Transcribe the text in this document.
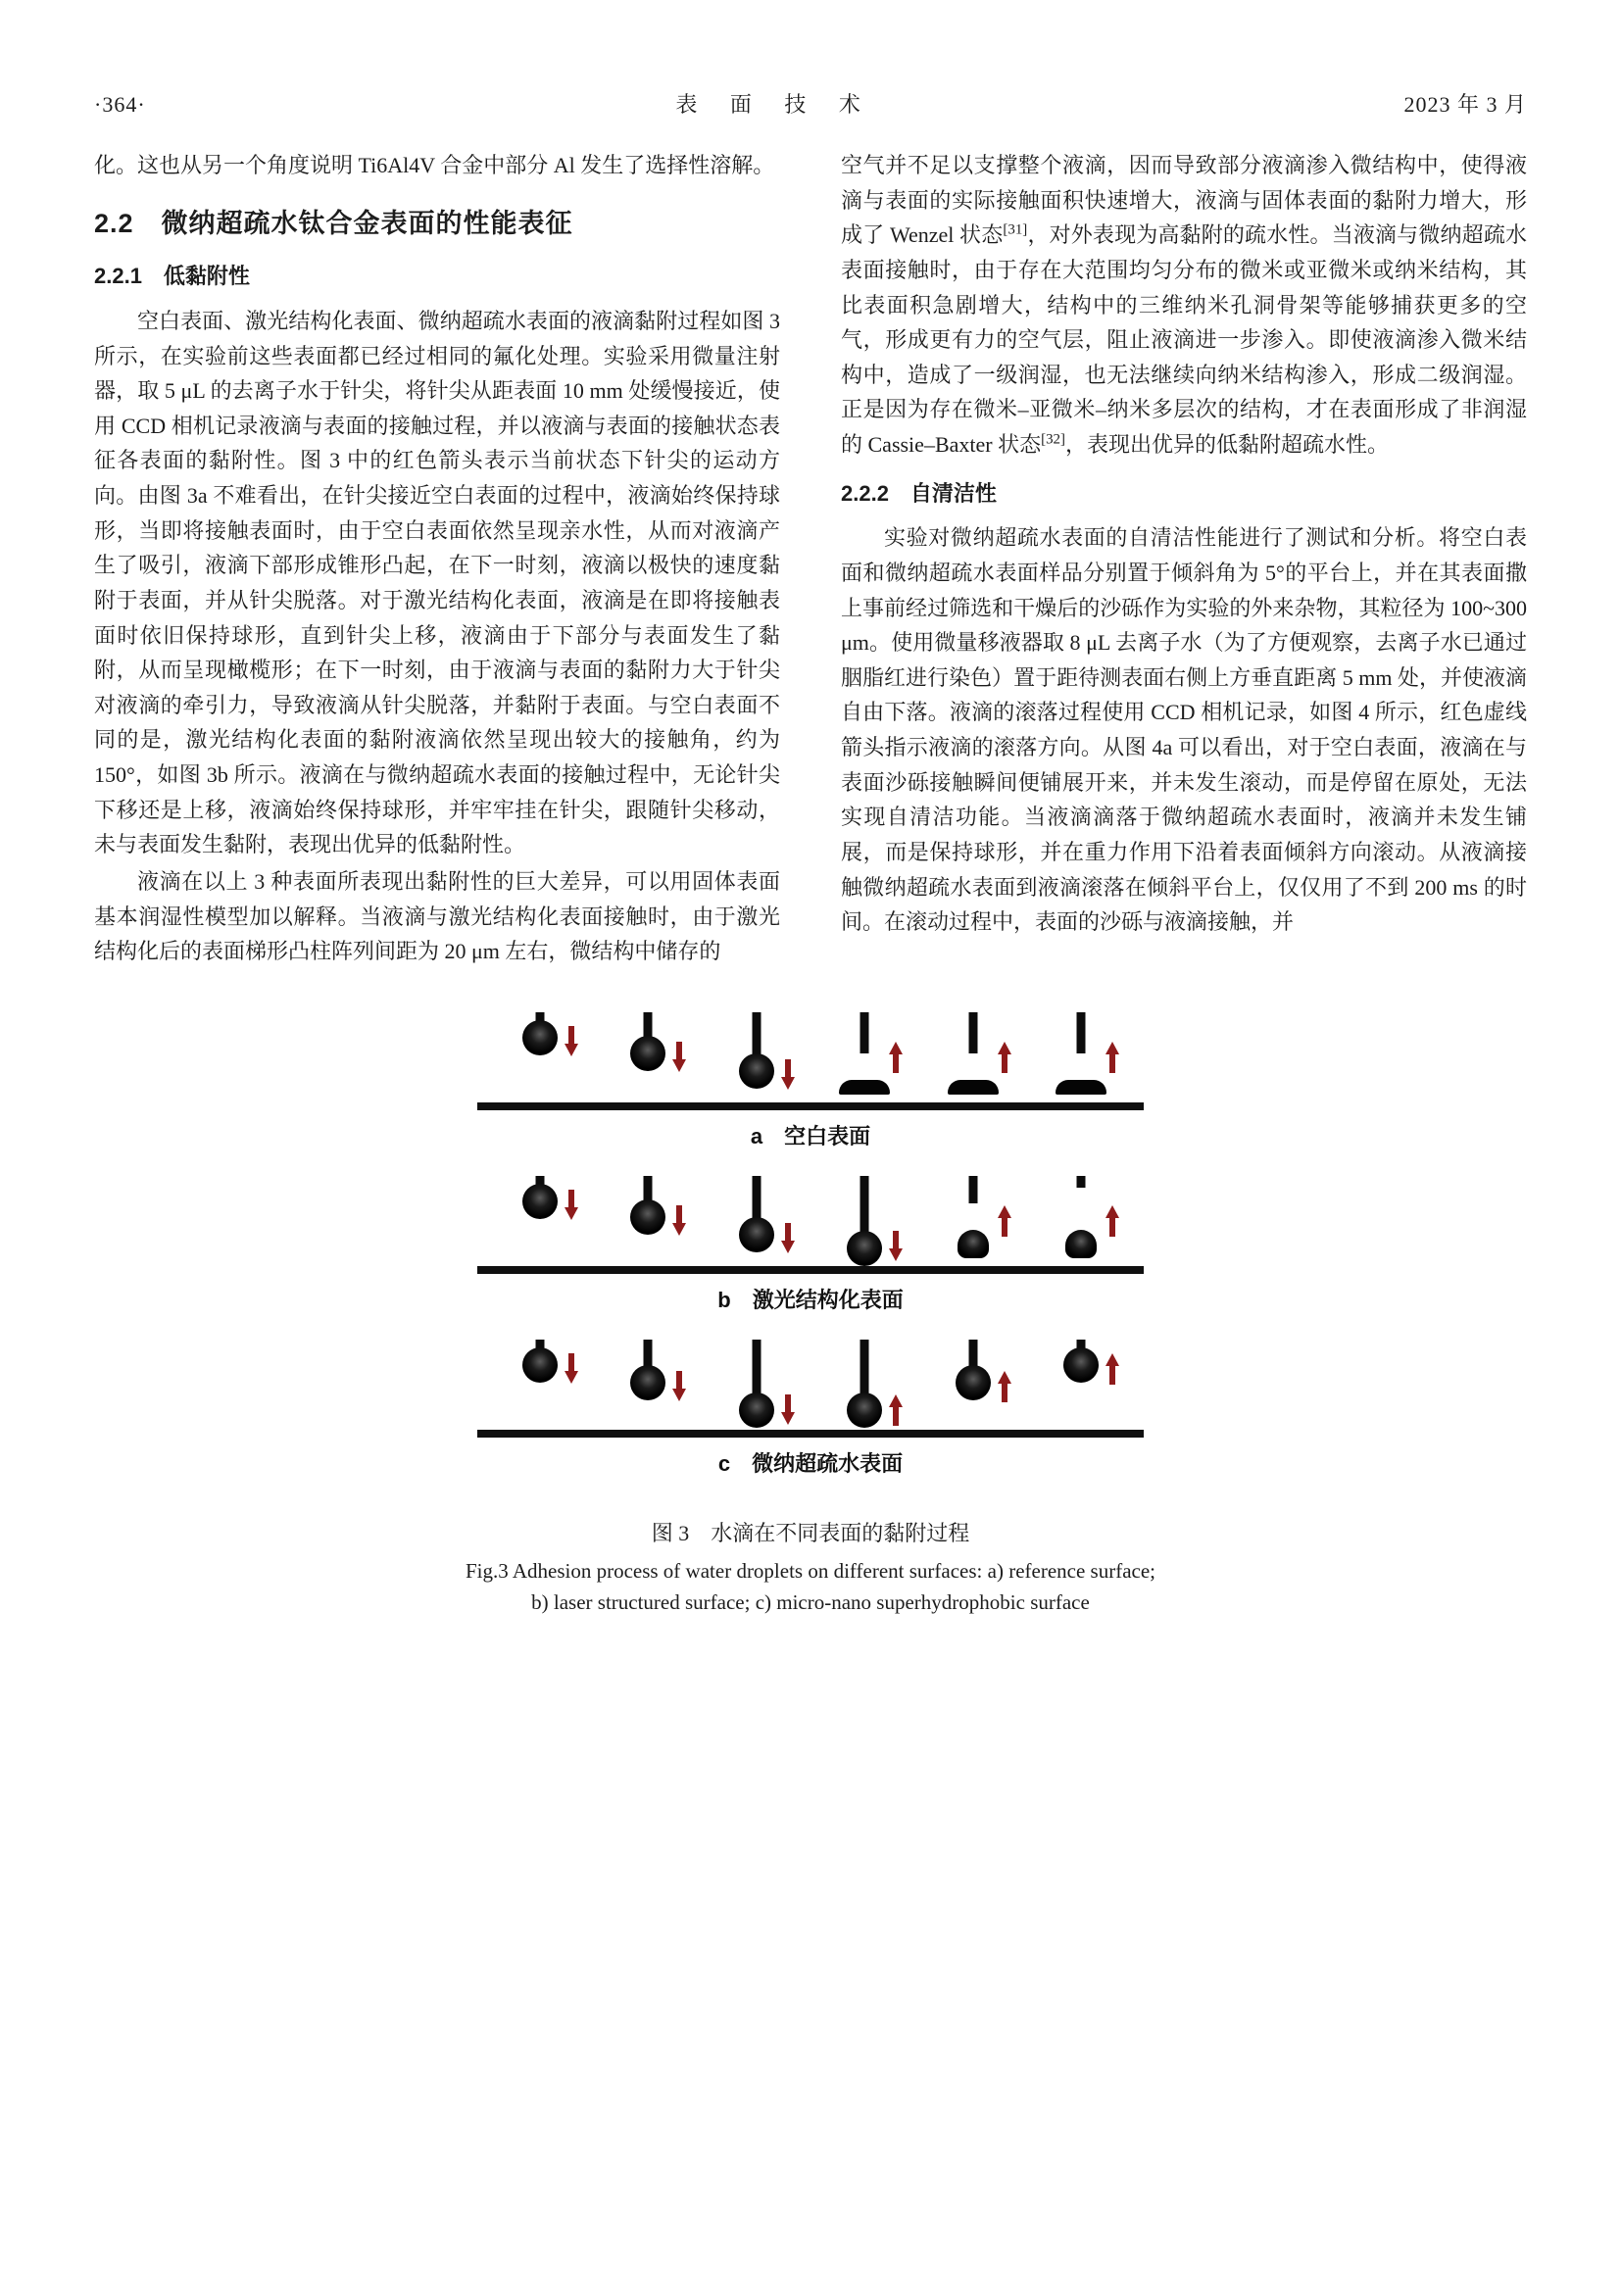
·364·	表 面 技 术	2023 年 3 月

化。这也从另一个角度说明 Ti6Al4V 合金中部分 Al 发生了选择性溶解。

2.2　微纳超疏水钛合金表面的性能表征
2.2.1　低黏附性

空白表面、激光结构化表面、微纳超疏水表面的液滴黏附过程如图 3 所示，在实验前这些表面都已经过相同的氟化处理。实验采用微量注射器，取 5 μL 的去离子水于针尖，将针尖从距表面 10 mm 处缓慢接近，使用 CCD 相机记录液滴与表面的接触过程，并以液滴与表面的接触状态表征各表面的黏附性。图 3 中的红色箭头表示当前状态下针尖的运动方向。由图 3a 不难看出，在针尖接近空白表面的过程中，液滴始终保持球形，当即将接触表面时，由于空白表面依然呈现亲水性，从而对液滴产生了吸引，液滴下部形成锥形凸起，在下一时刻，液滴以极快的速度黏附于表面，并从针尖脱落。对于激光结构化表面，液滴是在即将接触表面时依旧保持球形，直到针尖上移，液滴由于下部分与表面发生了黏附，从而呈现橄榄形；在下一时刻，由于液滴与表面的黏附力大于针尖对液滴的牵引力，导致液滴从针尖脱落，并黏附于表面。与空白表面不同的是，激光结构化表面的黏附液滴依然呈现出较大的接触角，约为 150°，如图 3b 所示。液滴在与微纳超疏水表面的接触过程中，无论针尖下移还是上移，液滴始终保持球形，并牢牢挂在针尖，跟随针尖移动，未与表面发生黏附，表现出优异的低黏附性。

液滴在以上 3 种表面所表现出黏附性的巨大差异，可以用固体表面基本润湿性模型加以解释。当液滴与激光结构化表面接触时，由于激光结构化后的表面梯形凸柱阵列间距为 20 μm 左右，微结构中储存的

空气并不足以支撑整个液滴，因而导致部分液滴渗入微结构中，使得液滴与表面的实际接触面积快速增大，液滴与固体表面的黏附力增大，形成了 Wenzel 状态[31]，对外表现为高黏附的疏水性。当液滴与微纳超疏水表面接触时，由于存在大范围均匀分布的微米或亚微米或纳米结构，其比表面积急剧增大，结构中的三维纳米孔洞骨架等能够捕获更多的空气，形成更有力的空气层，阻止液滴进一步渗入。即使液滴渗入微米结构中，造成了一级润湿，也无法继续向纳米结构渗入，形成二级润湿。正是因为存在微米–亚微米–纳米多层次的结构，才在表面形成了非润湿的 Cassie–Baxter 状态[32]，表现出优异的低黏附超疏水性。

2.2.2　自清洁性

实验对微纳超疏水表面的自清洁性能进行了测试和分析。将空白表面和微纳超疏水表面样品分别置于倾斜角为 5°的平台上，并在其表面撒上事前经过筛选和干燥后的沙砾作为实验的外来杂物，其粒径为 100~300 μm。使用微量移液器取 8 μL 去离子水（为了方便观察，去离子水已通过胭脂红进行染色）置于距待测表面右侧上方垂直距离 5 mm 处，并使液滴自由下落。液滴的滚落过程使用 CCD 相机记录，如图 4 所示，红色虚线箭头指示液滴的滚落方向。从图 4a 可以看出，对于空白表面，液滴在与表面沙砾接触瞬间便铺展开来，并未发生滚动，而是停留在原处，无法实现自清洁功能。当液滴滴落于微纳超疏水表面时，液滴并未发生铺展，而是保持球形，并在重力作用下沿着表面倾斜方向滚动。从液滴接触微纳超疏水表面到液滴滚落在倾斜平台上，仅仅用了不到 200 ms 的时间。在滚动过程中，表面的沙砾与液滴接触，并

a　空白表面
b　激光结构化表面
c　微纳超疏水表面
图 3　水滴在不同表面的黏附过程
Fig.3 Adhesion process of water droplets on different surfaces: a) reference surface;
b) laser structured surface; c) micro-nano superhydrophobic surface
